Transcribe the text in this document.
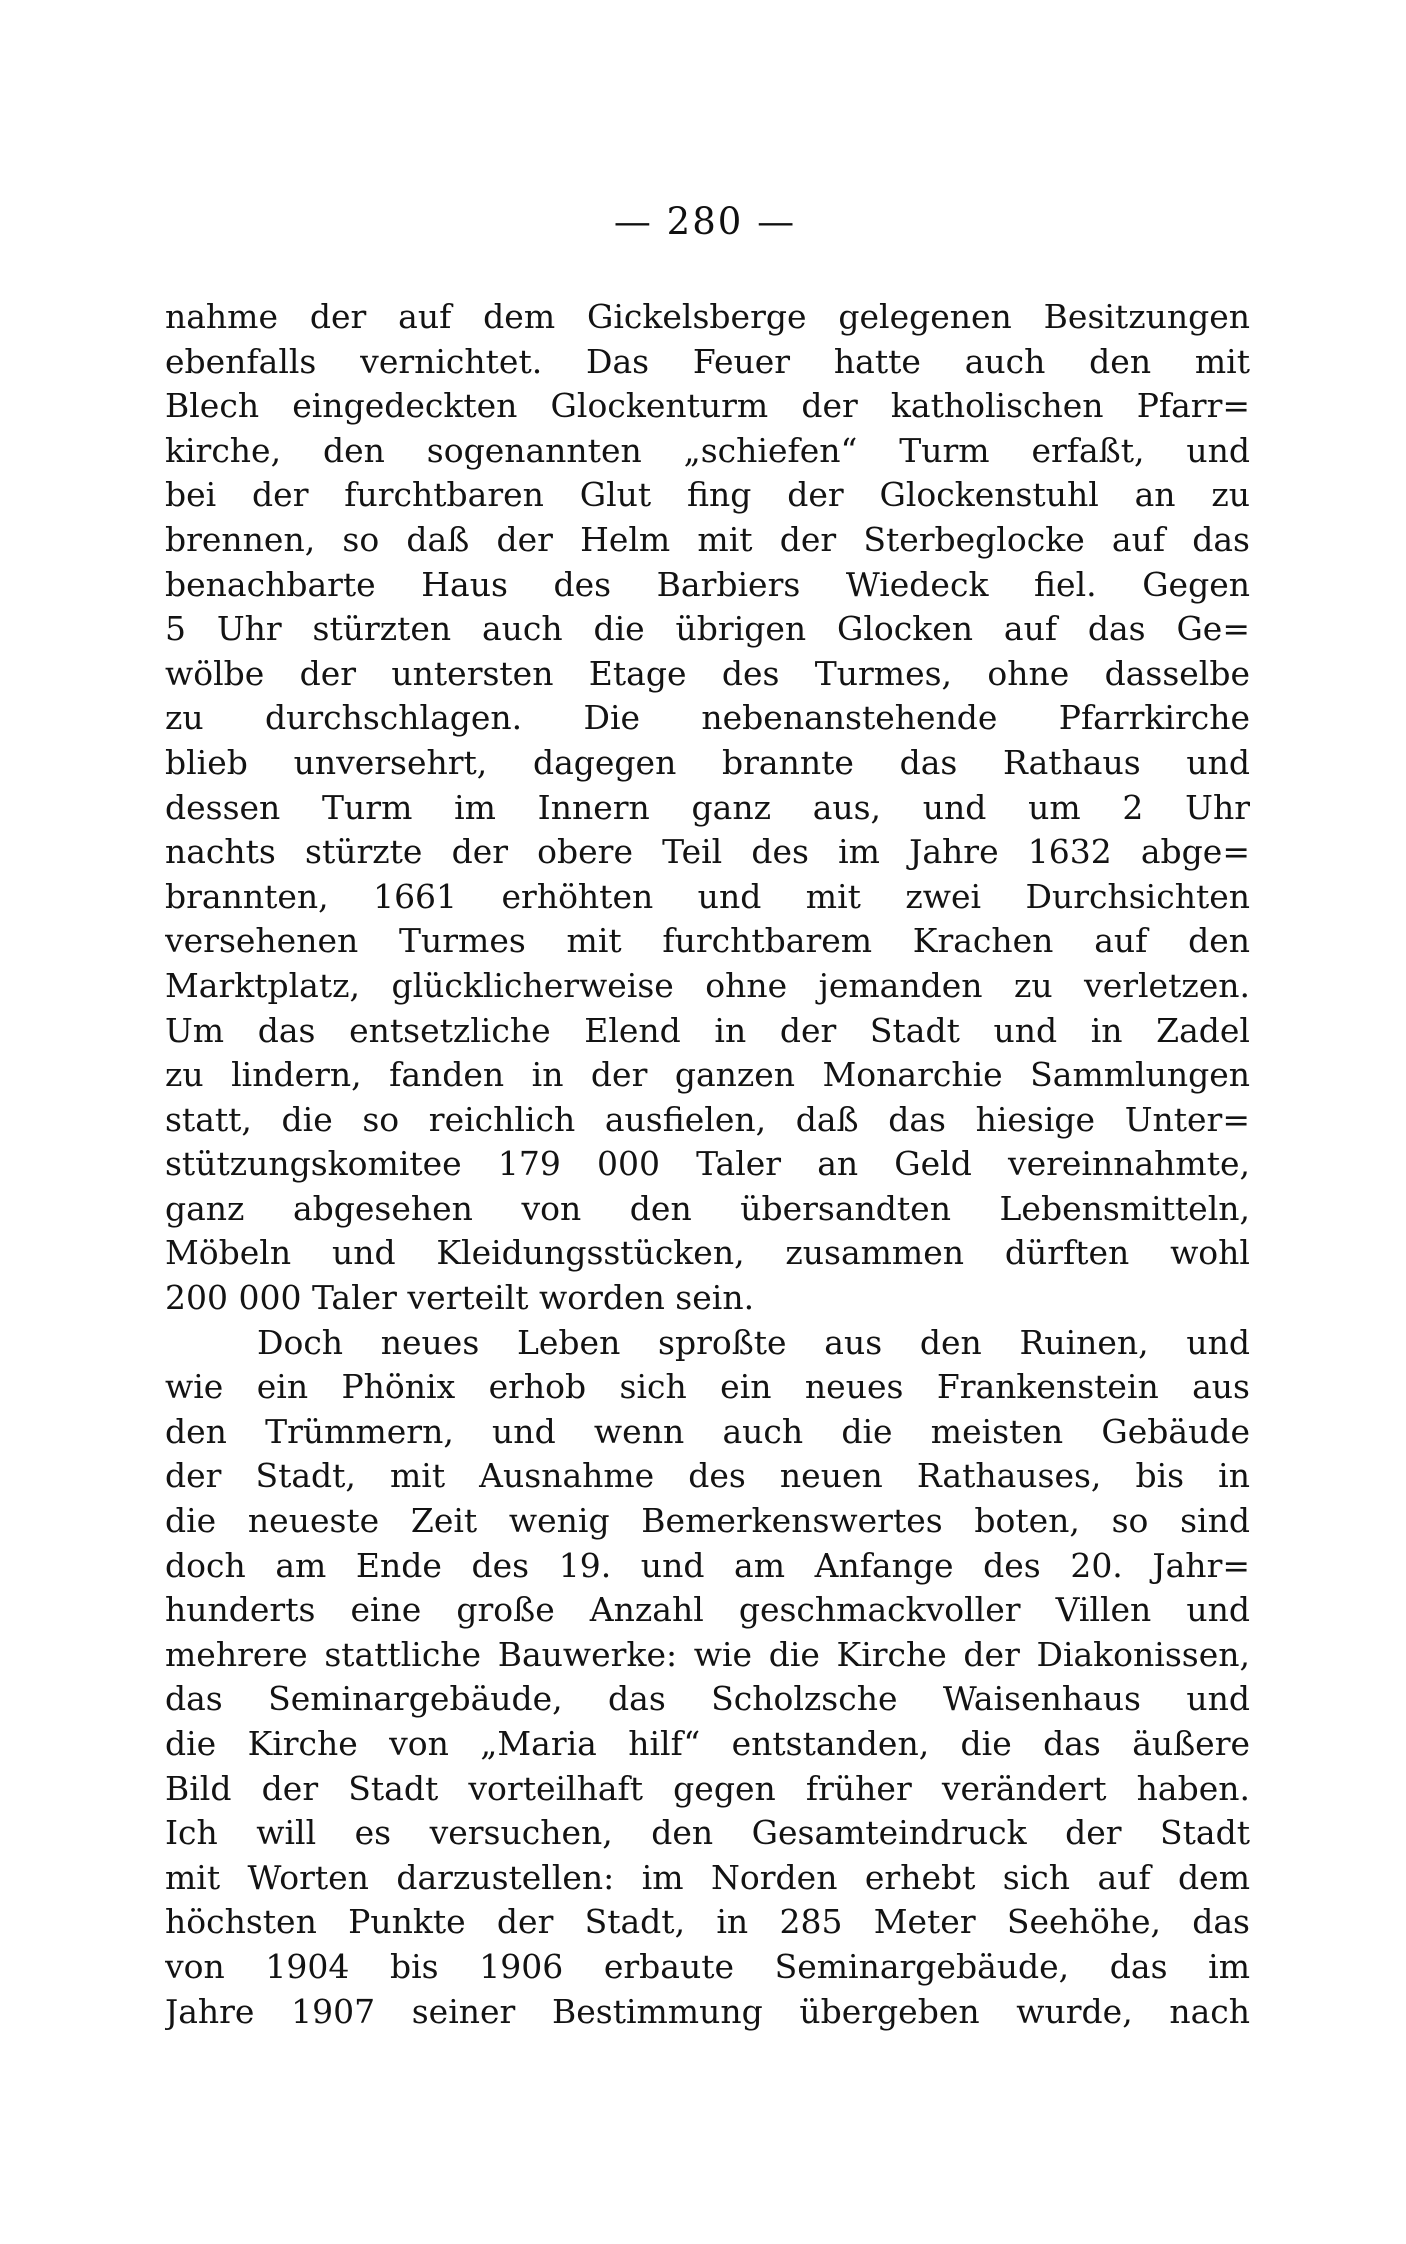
— 280 —
nahme der auf dem Gickelsberge gelegenen Besitzungen
ebenfalls vernichtet. Das Feuer hatte auch den mit
Blech eingedeckten Glockenturm der katholischen Pfarr=
kirche, den sogenannten „schiefen“ Turm erfaßt, und
bei der furchtbaren Glut fing der Glockenstuhl an zu
brennen, so daß der Helm mit der Sterbeglocke auf das
benachbarte Haus des Barbiers Wiedeck fiel. Gegen
5 Uhr stürzten auch die übrigen Glocken auf das Ge=
wölbe der untersten Etage des Turmes, ohne dasselbe
zu durchschlagen. Die nebenanstehende Pfarrkirche
blieb unversehrt, dagegen brannte das Rathaus und
dessen Turm im Innern ganz aus, und um 2 Uhr
nachts stürzte der obere Teil des im Jahre 1632 abge=
brannten, 1661 erhöhten und mit zwei Durchsichten
versehenen Turmes mit furchtbarem Krachen auf den
Marktplatz, glücklicherweise ohne jemanden zu verletzen.
Um das entsetzliche Elend in der Stadt und in Zadel
zu lindern, fanden in der ganzen Monarchie Sammlungen
statt, die so reichlich ausfielen, daß das hiesige Unter=
stützungskomitee 179 000 Taler an Geld vereinnahmte,
ganz abgesehen von den übersandten Lebensmitteln,
Möbeln und Kleidungsstücken, zusammen dürften wohl
200 000 Taler verteilt worden sein.
Doch neues Leben sproßte aus den Ruinen, und
wie ein Phönix erhob sich ein neues Frankenstein aus
den Trümmern, und wenn auch die meisten Gebäude
der Stadt, mit Ausnahme des neuen Rathauses, bis in
die neueste Zeit wenig Bemerkenswertes boten, so sind
doch am Ende des 19. und am Anfange des 20. Jahr=
hunderts eine große Anzahl geschmackvoller Villen und
mehrere stattliche Bauwerke: wie die Kirche der Diakonissen,
das Seminargebäude, das Scholzsche Waisenhaus und
die Kirche von „Maria hilf“ entstanden, die das äußere
Bild der Stadt vorteilhaft gegen früher verändert haben.
Ich will es versuchen, den Gesamteindruck der Stadt
mit Worten darzustellen: im Norden erhebt sich auf dem
höchsten Punkte der Stadt, in 285 Meter Seehöhe, das
von 1904 bis 1906 erbaute Seminargebäude, das im
Jahre 1907 seiner Bestimmung übergeben wurde, nach
